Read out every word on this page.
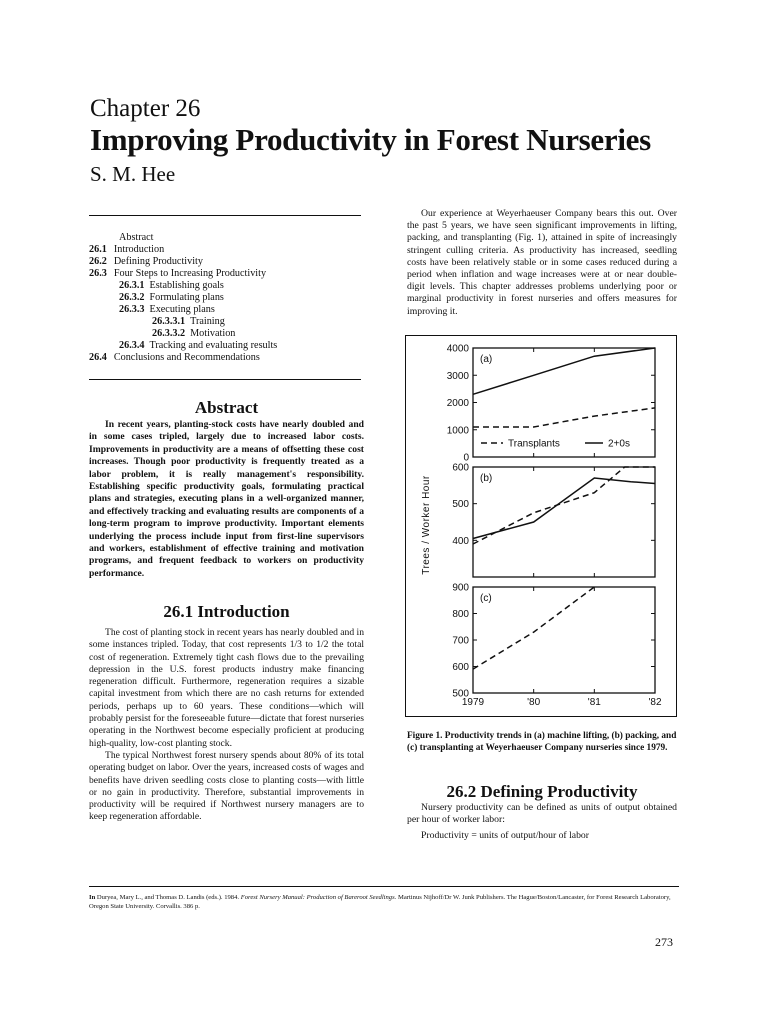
Chapter 26
Improving Productivity in Forest Nurseries
S. M. Hee
Abstract
26.1 Introduction
26.2 Defining Productivity
26.3 Four Steps to Increasing Productivity
26.3.1 Establishing goals
26.3.2 Formulating plans
26.3.3 Executing plans
26.3.3.1 Training
26.3.3.2 Motivation
26.3.4 Tracking and evaluating results
26.4 Conclusions and Recommendations
Abstract
In recent years, planting-stock costs have nearly doubled and in some cases tripled, largely due to increased labor costs. Improvements in productivity are a means of offsetting these cost increases. Though poor productivity is frequently treated as a labor problem, it is really management's responsibility. Establishing specific productivity goals, formulating practical plans and strategies, executing plans in a well-organized manner, and effectively tracking and evaluating results are components of a long-term program to improve productivity. Important elements underlying the process include input from first-line supervisors and workers, establishment of effective training and motivation programs, and frequent feedback to workers on productivity performance.
26.1 Introduction

The cost of planting stock in recent years has nearly doubled and in some instances tripled. Today, that cost represents 1/3 to 1/2 the total cost of regeneration. Extremely tight cash flows due to the prevailing depression in the U.S. forest products industry make financing regeneration difficult. Furthermore, regeneration requires a sizable capital investment from which there are no cash returns for extended periods, perhaps up to 60 years. These conditions—which will probably persist for the foreseeable future—dictate that forest nurseries operating in the Northwest become especially proficient at producing high-quality, low-cost planting stock.

The typical Northwest forest nursery spends about 80% of its total operating budget on labor. Over the years, increased costs of wages and benefits have driven seedling costs close to planting costs—with little or no gain in productivity. Therefore, substantial improvements in productivity will be required if Northwest nursery managers are to keep regeneration affordable.

Our experience at Weyerhaeuser Company bears this out. Over the past 5 years, we have seen significant improvements in lifting, packing, and transplanting (Fig. 1), attained in spite of increasingly stringent culling criteria. As productivity has increased, seedling costs have been relatively stable or in some cases reduced during a period when inflation and wage increases were at or near double-digit levels. This chapter addresses problems underlying poor or marginal productivity in forest nurseries and offers measures for improving it.

0
1000
2000
3000
4000
(a)
Transplants	2+0s
400
500
600
(b)
500
600
700
800
900
(c)
1979	'80	'81	'82
Trees / Worker Hour
Figure 1. Productivity trends in (a) machine lifting, (b) packing, and (c) transplanting at Weyerhaeuser Company nurseries since 1979.
26.2 Defining Productivity

Nursery productivity can be defined as units of output obtained per hour of worker labor:

Productivity = units of output/hour of labor

In Duryea, Mary L., and Thomas D. Landis (eds.). 1984. Forest Nursery Manual: Production of Bareroot Seedlings. Martinus Nijhoff/Dr W. Junk Publishers. The Hague/Boston/Lancaster, for Forest Research Laboratory, Oregon State University. Corvallis. 386 p.
273
